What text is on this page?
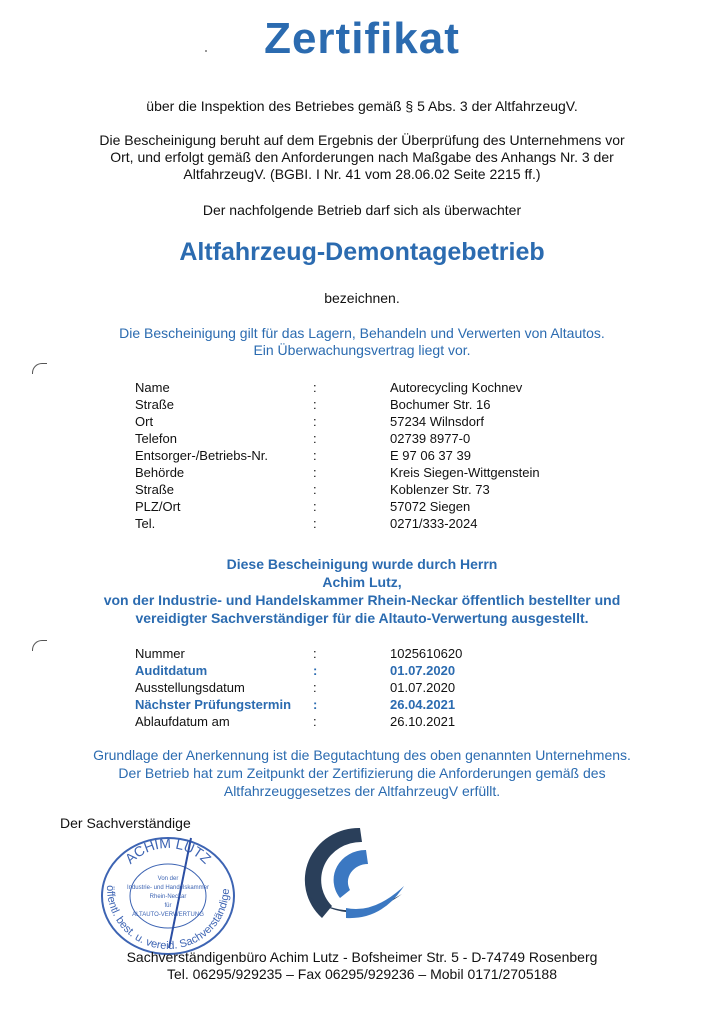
Zertifikat
über die Inspektion des Betriebes gemäß § 5 Abs. 3 der AltfahrzeugV.
Die Bescheinigung beruht auf dem Ergebnis der Überprüfung des Unternehmens vor
Ort, und erfolgt gemäß den Anforderungen nach Maßgabe des Anhangs Nr. 3 der
AltfahrzeugV. (BGBI. I Nr. 41 vom 28.06.02 Seite 2215 ff.)
Der nachfolgende Betrieb darf sich als überwachter
Altfahrzeug-Demontagebetrieb
bezeichnen.
Die Bescheinigung gilt für das Lagern, Behandeln und Verwerten von Altautos.
Ein Überwachungsvertrag liegt vor.
Name	:	Autorecycling Kochnev
Straße	:	Bochumer Str. 16
Ort	:	57234 Wilnsdorf
Telefon	:	02739 8977-0
Entsorger-/Betriebs-Nr.	:	E 97 06 37 39
Behörde	:	Kreis Siegen-Wittgenstein
Straße	:	Koblenzer Str. 73
PLZ/Ort	:	57072 Siegen
Tel.	:	0271/333-2024
Diese Bescheinigung wurde durch Herrn
Achim Lutz,
von der Industrie- und Handelskammer Rhein-Neckar öffentlich bestellter und
vereidigter Sachverständiger für die Altauto-Verwertung ausgestellt.
Nummer	:	1025610620
Auditdatum	:	01.07.2020
Ausstellungsdatum	:	01.07.2020
Nächster Prüfungstermin :	26.04.2021
Ablaufdatum am	:	26.10.2021
Grundlage der Anerkennung ist die Begutachtung des oben genannten Unternehmens.
Der Betrieb hat zum Zeitpunkt der Zertifizierung die Anforderungen gemäß des
Altfahrzeuggesetzes der AltfahrzeugV erfüllt.
Der Sachverständige
ACHIM LUTZ
öffentl. best. u. vereid. Sachverständige
Von der
Industrie- und Handelskammer
Rhein-Neckar
für
ALTAUTO-VERWERTUNG
Sachverständigenbüro Achim Lutz - Bofsheimer Str. 5 - D-74749 Rosenberg
Tel. 06295/929235 – Fax 06295/929236 – Mobil 0171/2705188
